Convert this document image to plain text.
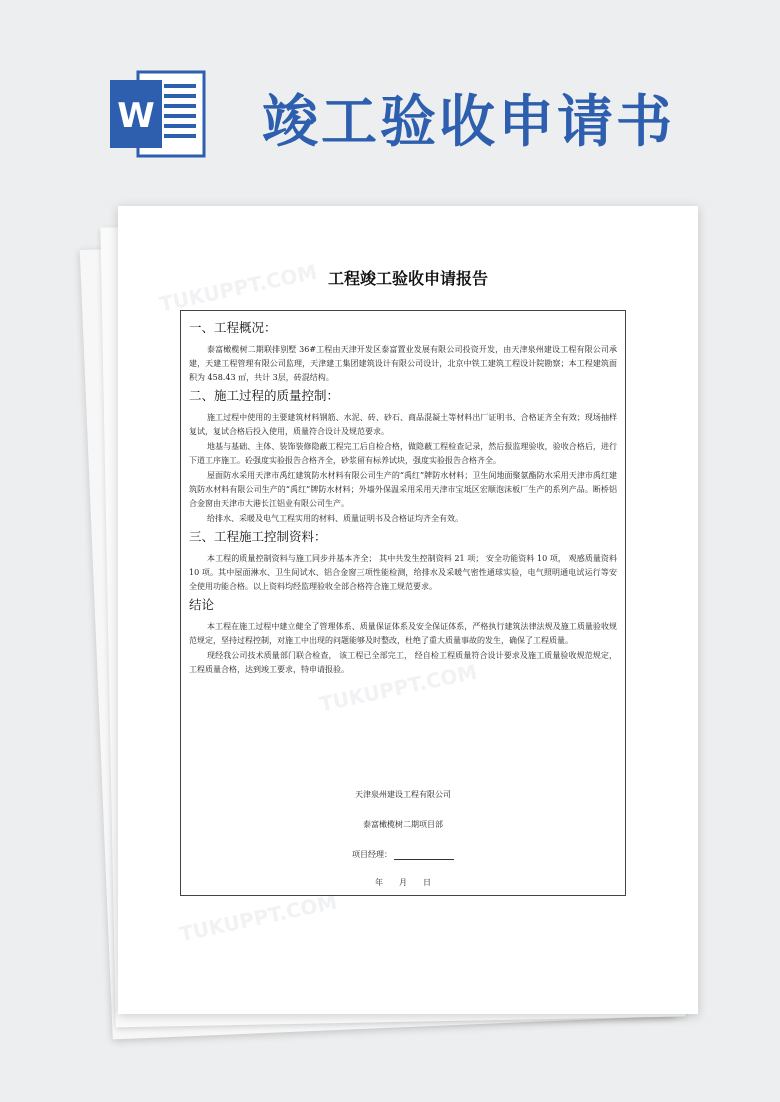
W 竣工验收申请书
TUKUPPT.COM
TUKUPPT.COM
TUKUPPT.COM
工程竣工验收申请报告
一、工程概况：

泰富橄榄树二期联排别墅 36#工程由天津开发区泰富置业发展有限公司投资开发，由天津泉州建设工程有限公司承建，天建工程管理有限公司监理，天津建工集团建筑设计有限公司设计，北京中铁工建筑工程设计院勘察；本工程建筑面积为 458.43 ㎡，共计 3层，砖混结构。

二、施工过程的质量控制：

施工过程中使用的主要建筑材料钢筋、水泥、砖、砂石、商品混凝土等材料出厂证明书、合格证齐全有效；现场抽样复试，复试合格后投入使用，质量符合设计及规范要求。

地基与基础、主体、装饰装修隐蔽工程完工后自检合格，做隐蔽工程检查记录，然后报监理验收，验收合格后，进行下道工序施工。砼强度实验报告合格齐全，砂浆留有标养试块，强度实验报告合格齐全。

屋面防水采用天津市禹红建筑防水材料有限公司生产的“禹红”牌防水材料；卫生间地面聚氨酯防水采用天津市禹红建筑防水材料有限公司生产的“禹红”牌防水材料；外墙外保温采用采用天津市宝坻区宏顺泡沫板厂生产的系列产品。断桥铝合金窗由天津市大港长江铝业有限公司生产。

给排水、采暖及电气工程实用的材料、质量证明书及合格证均齐全有效。

三、工程施工控制资料：

本工程的质量控制资料与施工同步并基本齐全； 其中共发生控制资料 21 项； 安全功能资料 10 项， 观感质量资料 10 项。其中屋面淋水、卫生间试水、铝合金窗三项性能检测，给排水及采暖气密性通球实验，电气照明通电试运行等安全使用功能合格。以上资料均经监理验收全部合格符合施工规范要求。

结论

本工程在施工过程中建立健全了管理体系、质量保证体系及安全保证体系，严格执行建筑法律法规及施工质量验收规范规定，坚持过程控制，对施工中出现的问题能够及时整改，杜绝了重大质量事故的发生，确保了工程质量。

现经我公司技术质量部门联合检查， 该工程已全部完工， 经自检工程质量符合设计要求及施工质量验收规范规定，工程质量合格，达到竣工要求，特申请报验。

天津泉州建设工程有限公司
泰富橄榄树二期项目部
项目经理：
年　　月　　日
